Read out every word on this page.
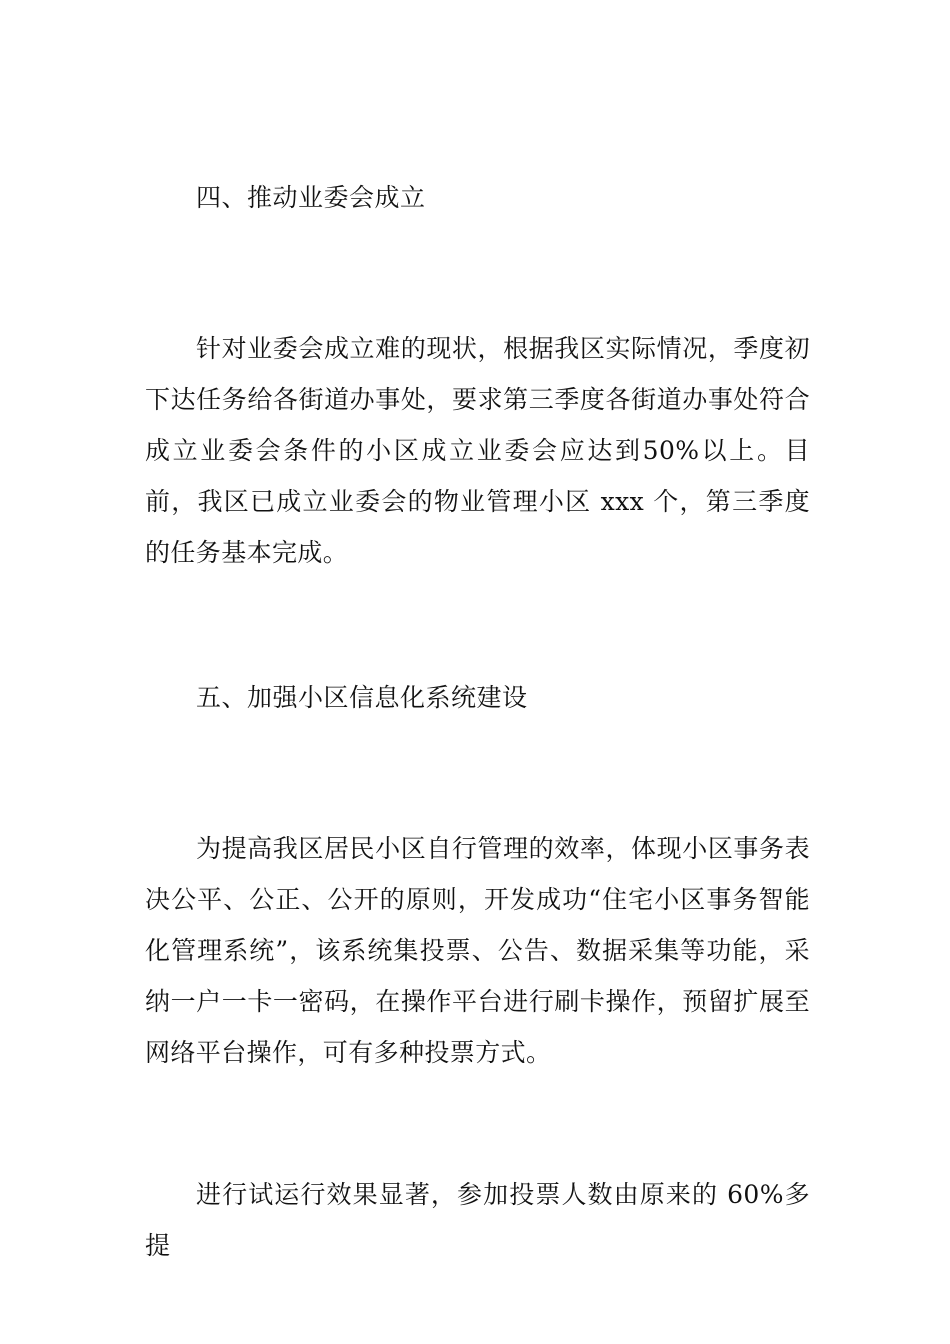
四、推动业委会成立
针对业委会成立难的现状，根据我区实际情况，季度初下达任务给各街道办事处，要求第三季度各街道办事处符合成立业委会条件的小区成立业委会应达到50%以上。目前，我区已成立业委会的物业管理小区 xxx 个，第三季度的任务基本完成。
五、加强小区信息化系统建设
为提高我区居民小区自行管理的效率，体现小区事务表决公平、公正、公开的原则，开发成功“住宅小区事务智能化管理系统”，该系统集投票、公告、数据采集等功能，采纳一户一卡一密码，在操作平台进行刷卡操作，预留扩展至网络平台操作，可有多种投票方式。
进行试运行效果显著，参加投票人数由原来的 60%多提
